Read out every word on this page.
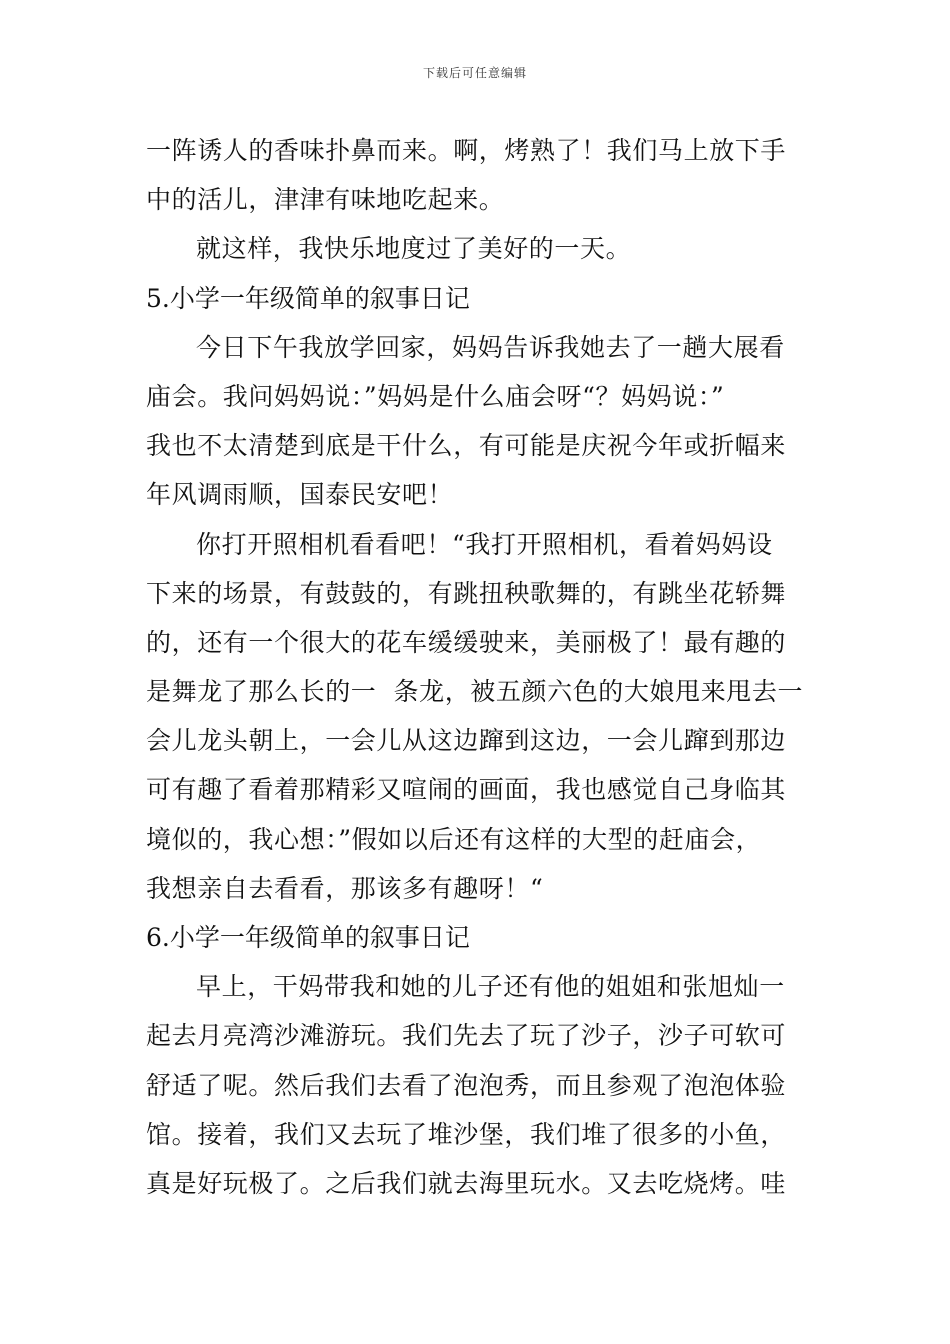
下载后可任意编辑
一阵诱人的香味扑鼻而来。啊，烤熟了！我们马上放下手
中的活儿，津津有味地吃起来。
就这样，我快乐地度过了美好的一天。
5.小学一年级简单的叙事日记
今日下午我放学回家，妈妈告诉我她去了一趟大展看
庙会。我问妈妈说：”妈妈是什么庙会呀“？妈妈说：”
我也不太清楚到底是干什么，有可能是庆祝今年或折幅来
年风调雨顺，国泰民安吧！
你打开照相机看看吧！“我打开照相机，看着妈妈设
下来的场景，有鼓鼓的，有跳扭秧歌舞的，有跳坐花轿舞
的，还有一个很大的花车缓缓驶来，美丽极了！最有趣的
是舞龙了那么长的一  条龙，被五颜六色的大娘甩来甩去一
会儿龙头朝上，一会儿从这边蹿到这边，一会儿蹿到那边
可有趣了看着那精彩又喧闹的画面，我也感觉自己身临其
境似的，我心想：”假如以后还有这样的大型的赶庙会，
我想亲自去看看，那该多有趣呀！“
6.小学一年级简单的叙事日记
早上，干妈带我和她的儿子还有他的姐姐和张旭灿一
起去月亮湾沙滩游玩。我们先去了玩了沙子，沙子可软可
舒适了呢。然后我们去看了泡泡秀，而且参观了泡泡体验
馆。接着，我们又去玩了堆沙堡，我们堆了很多的小鱼，
真是好玩极了。之后我们就去海里玩水。又去吃烧烤。哇
